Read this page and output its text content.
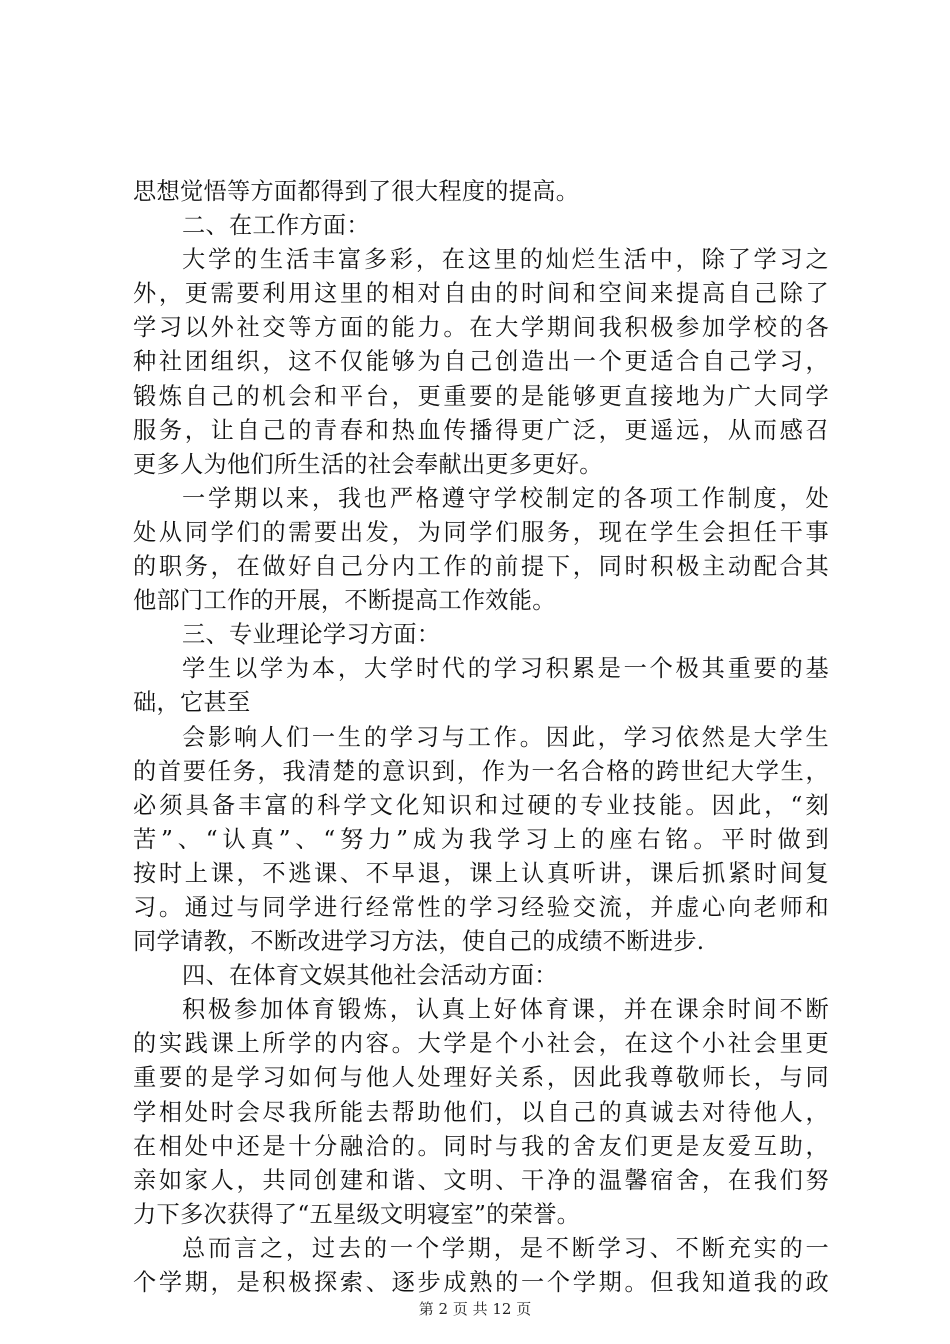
思想觉悟等方面都得到了很大程度的提高。
二、在工作方面：
大学的生活丰富多彩，在这里的灿烂生活中，除了学习之
外，更需要利用这里的相对自由的时间和空间来提高自己除了
学习以外社交等方面的能力。在大学期间我积极参加学校的各
种社团组织，这不仅能够为自己创造出一个更适合自己学习，
锻炼自己的机会和平台，更重要的是能够更直接地为广大同学
服务，让自己的青春和热血传播得更广泛，更遥远，从而感召
更多人为他们所生活的社会奉献出更多更好。
一学期以来，我也严格遵守学校制定的各项工作制度，处
处从同学们的需要出发，为同学们服务，现在学生会担任干事
的职务，在做好自己分内工作的前提下，同时积极主动配合其
他部门工作的开展，不断提高工作效能。
三、专业理论学习方面：
学生以学为本，大学时代的学习积累是一个极其重要的基
础，它甚至
会影响人们一生的学习与工作。因此，学习依然是大学生
的首要任务，我清楚的意识到，作为一名合格的跨世纪大学生，
必须具备丰富的科学文化知识和过硬的专业技能。因此，“刻
苦”、“认真”、“努力”成为我学习上的座右铭。平时做到
按时上课，不逃课、不早退，课上认真听讲，课后抓紧时间复
习。通过与同学进行经常性的学习经验交流，并虚心向老师和
同学请教，不断改进学习方法，使自己的成绩不断进步.
四、在体育文娱其他社会活动方面：
积极参加体育锻炼，认真上好体育课，并在课余时间不断
的实践课上所学的内容。大学是个小社会，在这个小社会里更
重要的是学习如何与他人处理好关系，因此我尊敬师长，与同
学相处时会尽我所能去帮助他们，以自己的真诚去对待他人，
在相处中还是十分融洽的。同时与我的舍友们更是友爱互助，
亲如家人，共同创建和谐、文明、干净的温馨宿舍，在我们努
力下多次获得了“五星级文明寝室”的荣誉。
总而言之，过去的一个学期，是不断学习、不断充实的一
个学期，是积极探索、逐步成熟的一个学期。但我知道我的政
第 2 页 共 12 页
